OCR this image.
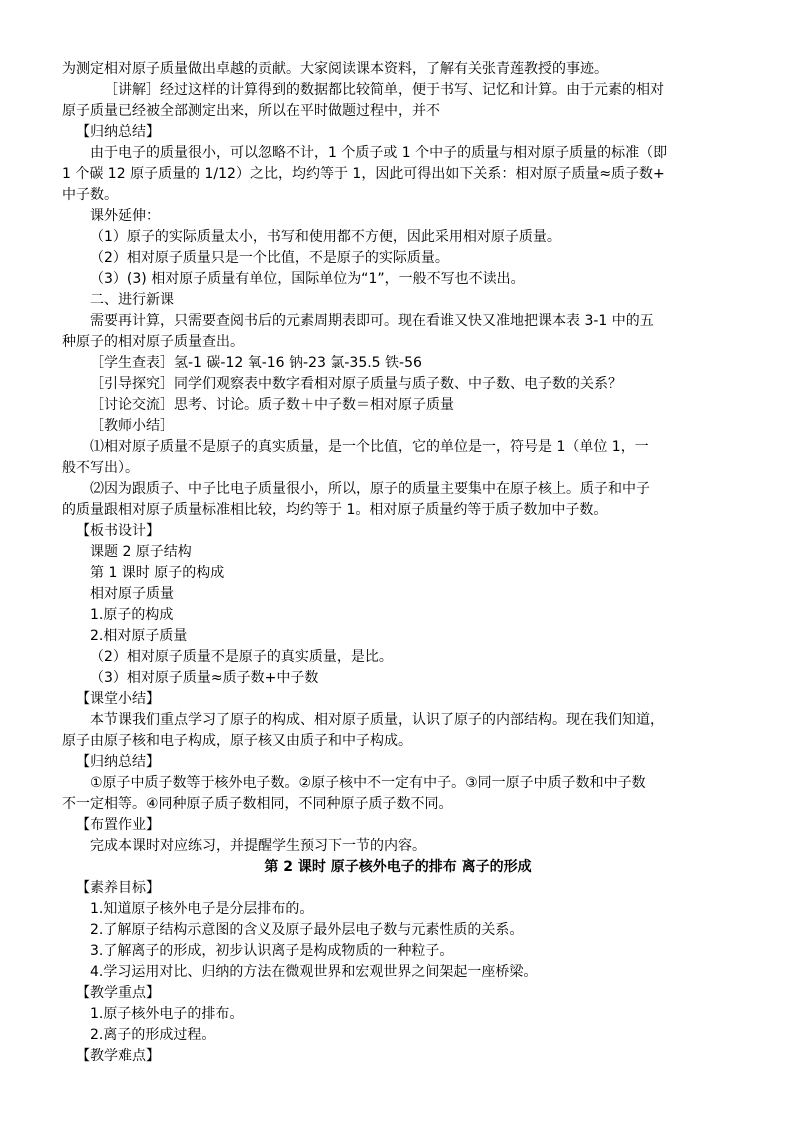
为测定相对原子质量做出卓越的贡献。大家阅读课本资料，了解有关张青莲教授的事迹。
［讲解］经过这样的计算得到的数据都比较简单，便于书写、记忆和计算。由于元素的相对
原子质量已经被全部测定出来，所以在平时做题过程中，并不
【归纳总结】
由于电子的质量很小，可以忽略不计，1 个质子或 1 个中子的质量与相对原子质量的标准（即
1 个碳 12 原子质量的 1/12）之比，均约等于 1，因此可得出如下关系：相对原子质量≈质子数+
中子数。
课外延伸：
（1）原子的实际质量太小，书写和使用都不方便，因此采用相对原子质量。
（2）相对原子质量只是一个比值，不是原子的实际质量。
（3）(3) 相对原子质量有单位，国际单位为“1”，一般不写也不读出。
二、进行新课
需要再计算，只需要查阅书后的元素周期表即可。现在看谁又快又准地把课本表 3-1 中的五
种原子的相对原子质量查出。
［学生查表］氢-1 碳-12 氧-16 钠-23 氯-35.5 铁-56
［引导探究］同学们观察表中数字看相对原子质量与质子数、中子数、电子数的关系？
［讨论交流］思考、讨论。质子数＋中子数＝相对原子质量
［教师小结］
⑴相对原子质量不是原子的真实质量，是一个比值，它的单位是一，符号是 1（单位 1，一
般不写出）。
⑵因为跟质子、中子比电子质量很小，所以，原子的质量主要集中在原子核上。质子和中子
的质量跟相对原子质量标准相比较，均约等于 1。相对原子质量约等于质子数加中子数。
【板书设计】
课题 2 原子结构
第 1 课时 原子的构成
相对原子质量
1.原子的构成
2.相对原子质量
（2）相对原子质量不是原子的真实质量，是比。
（3）相对原子质量≈质子数+中子数
【课堂小结】
本节课我们重点学习了原子的构成、相对原子质量，认识了原子的内部结构。现在我们知道，
原子由原子核和电子构成，原子核又由质子和中子构成。
【归纳总结】
①原子中质子数等于核外电子数。②原子核中不一定有中子。③同一原子中质子数和中子数
不一定相等。④同种原子质子数相同，不同种原子质子数不同。
【布置作业】
完成本课时对应练习，并提醒学生预习下一节的内容。
第 2 课时 原子核外电子的排布 离子的形成
【素养目标】
1.知道原子核外电子是分层排布的。
2.了解原子结构示意图的含义及原子最外层电子数与元素性质的关系。
3.了解离子的形成，初步认识离子是构成物质的一种粒子。
4.学习运用对比、归纳的方法在微观世界和宏观世界之间架起一座桥梁。
【教学重点】
1.原子核外电子的排布。
2.离子的形成过程。
【教学难点】
